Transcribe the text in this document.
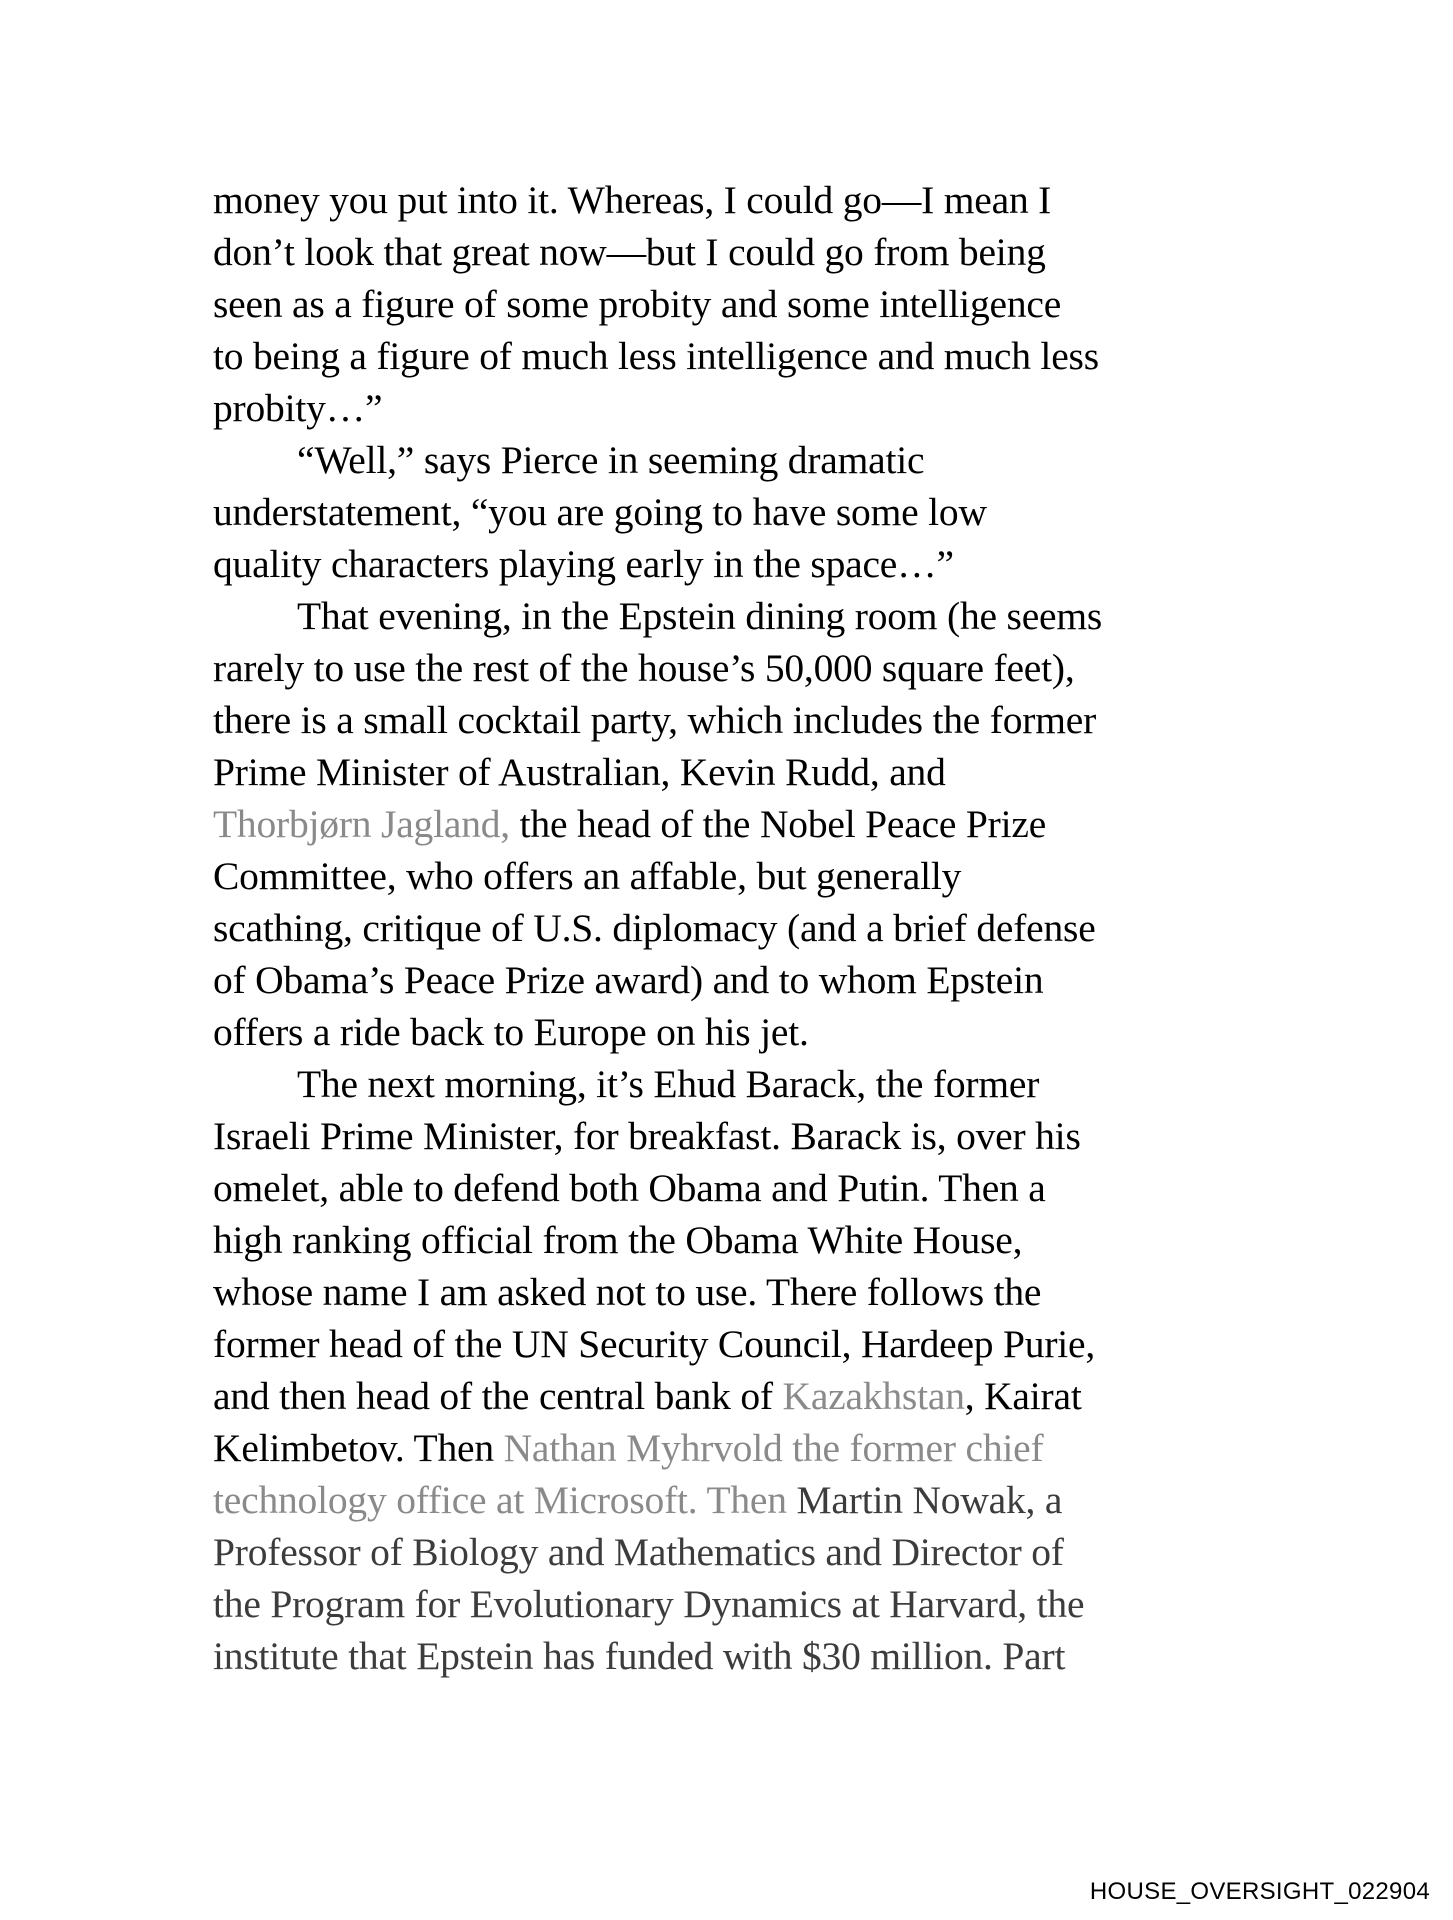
money you put into it. Whereas, I could go—I mean I
don’t look that great now—but I could go from being
seen as a figure of some probity and some intelligence
to being a figure of much less intelligence and much less
probity…”
“Well,” says Pierce in seeming dramatic
understatement, “you are going to have some low
quality characters playing early in the space…”
That evening, in the Epstein dining room (he seems
rarely to use the rest of the house’s 50,000 square feet),
there is a small cocktail party, which includes the former
Prime Minister of Australian, Kevin Rudd, and
Thorbjørn Jagland, the head of the Nobel Peace Prize
Committee, who offers an affable, but generally
scathing, critique of U.S. diplomacy (and a brief defense
of Obama’s Peace Prize award) and to whom Epstein
offers a ride back to Europe on his jet.
The next morning, it’s Ehud Barack, the former
Israeli Prime Minister, for breakfast. Barack is, over his
omelet, able to defend both Obama and Putin. Then a
high ranking official from the Obama White House,
whose name I am asked not to use. There follows the
former head of the UN Security Council, Hardeep Purie,
and then head of the central bank of Kazakhstan, Kairat
Kelimbetov. Then Nathan Myhrvold the former chief
technology office at Microsoft. Then Martin Nowak, a
Professor of Biology and Mathematics and Director of
the Program for Evolutionary Dynamics at Harvard, the
institute that Epstein has funded with $30 million. Part
HOUSE_OVERSIGHT_022904
